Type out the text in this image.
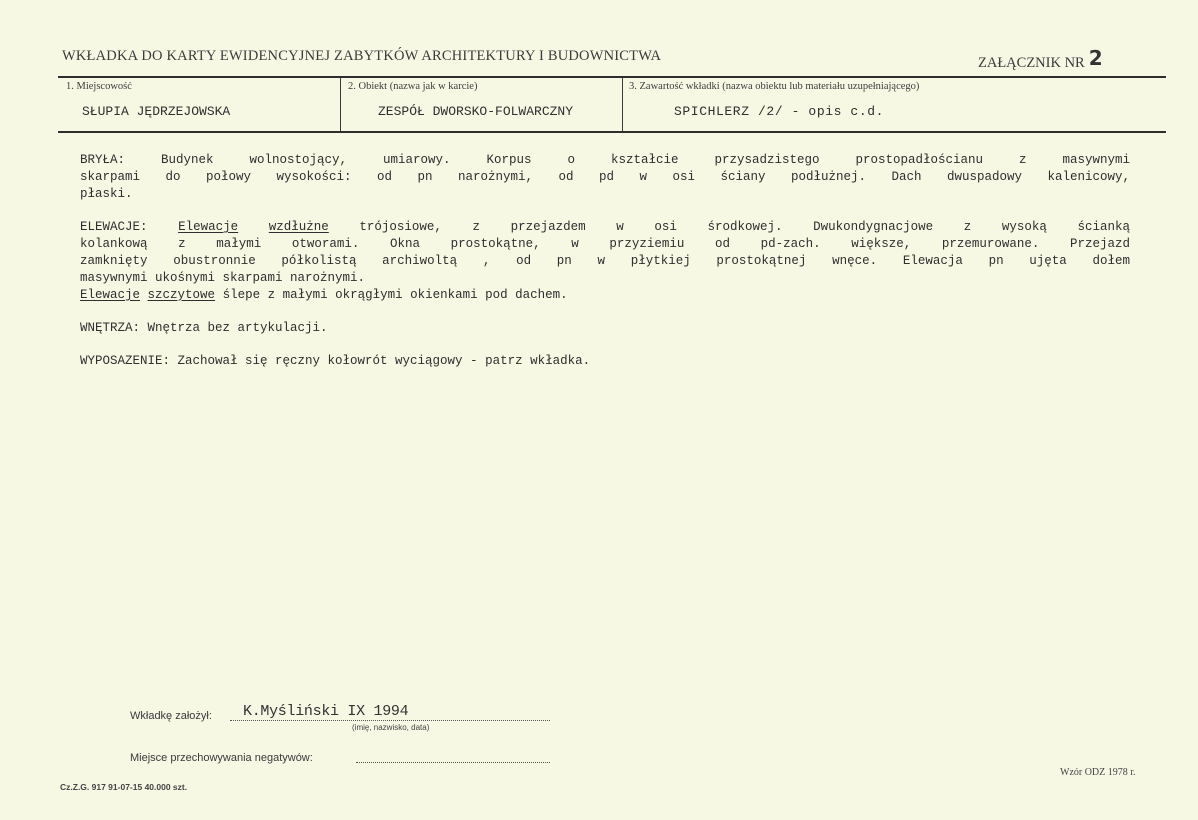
WKŁADKA DO KARTY EWIDENCYJNEJ ZABYTKÓW ARCHITEKTURY I BUDOWNICTWA	ZAŁĄCZNIK NR 2
1. Miejscowość
SŁUPIA JĘDRZEJOWSKA
2. Obiekt (nazwa jak w karcie)
ZESPÓŁ DWORSKO-FOLWARCZNY
3. Zawartość wkładki (nazwa obiektu lub materiału uzupełniającego)
SPICHLERZ /2/ - opis c.d.
BRYŁA: Budynek wolnostojący, umiarowy. Korpus o kształcie przysadzistego prostopadłościanu z masywnymi
skarpami do połowy wysokości: od pn narożnymi, od pd w osi ściany podłużnej. Dach dwuspadowy kalenicowy,
płaski.
ELEWACJE: Elewacje wzdłużne trójosiowe, z przejazdem w osi środkowej. Dwukondygnacjowe z wysoką ścianką
kolankową z małymi otworami. Okna prostokątne, w przyziemiu od pd-zach. większe, przemurowane. Przejazd
zamknięty obustronnie półkolistą archiwoltą , od pn w płytkiej prostokątnej wnęce. Elewacja pn ujęta dołem
masywnymi ukośnymi skarpami narożnymi.
Elewacje szczytowe ślepe z małymi okrągłymi okienkami pod dachem.
WNĘTRZA: Wnętrza bez artykulacji.
WYPOSAZENIE: Zachował się ręczny kołowrót wyciągowy - patrz wkładka.
Wkładkę założył: K.Myśliński IX 1994
(imię, nazwisko, data)
Miejsce przechowywania negatywów:
Cz.Z.G. 917 91-07-15 40.000 szt.
Wzór ODZ 1978 r.
